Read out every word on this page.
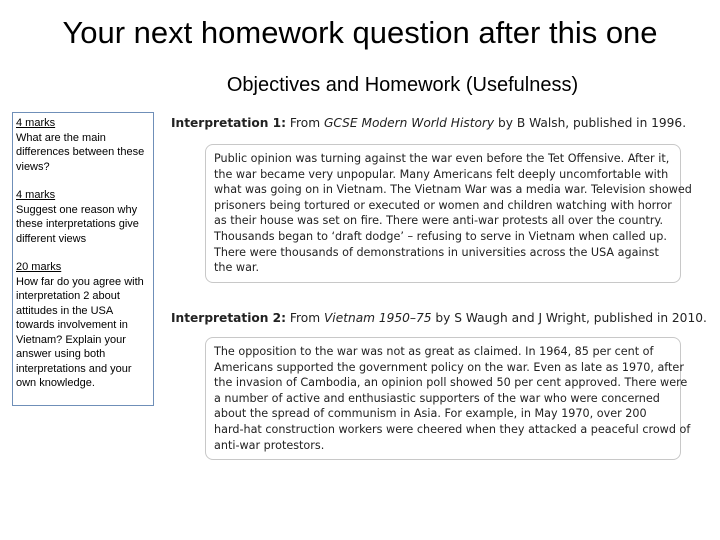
Your next homework question after this one
Objectives and Homework (Usefulness)
4 marks
What are the main differences between these views?
4 marks
Suggest one reason why these interpretations give different views
20 marks
How far do you agree with interpretation 2 about attitudes in the USA towards involvement in Vietnam? Explain your answer using both interpretations and your own knowledge.
Interpretation 1: From GCSE Modern World History by B Walsh, published in 1996.
Public opinion was turning against the war even before the Tet Offensive. After it,
the war became very unpopular. Many Americans felt deeply uncomfortable with
what was going on in Vietnam. The Vietnam War was a media war. Television showed
prisoners being tortured or executed or women and children watching with horror
as their house was set on fire. There were anti-war protests all over the country.
Thousands began to ‘draft dodge’ – refusing to serve in Vietnam when called up.
There were thousands of demonstrations in universities across the USA against
the war.
Interpretation 2: From Vietnam 1950–75 by S Waugh and J Wright, published in 2010.
The opposition to the war was not as great as claimed. In 1964, 85 per cent of
Americans supported the government policy on the war. Even as late as 1970, after
the invasion of Cambodia, an opinion poll showed 50 per cent approved. There were
a number of active and enthusiastic supporters of the war who were concerned
about the spread of communism in Asia. For example, in May 1970, over 200
hard-hat construction workers were cheered when they attacked a peaceful crowd of
anti-war protestors.
